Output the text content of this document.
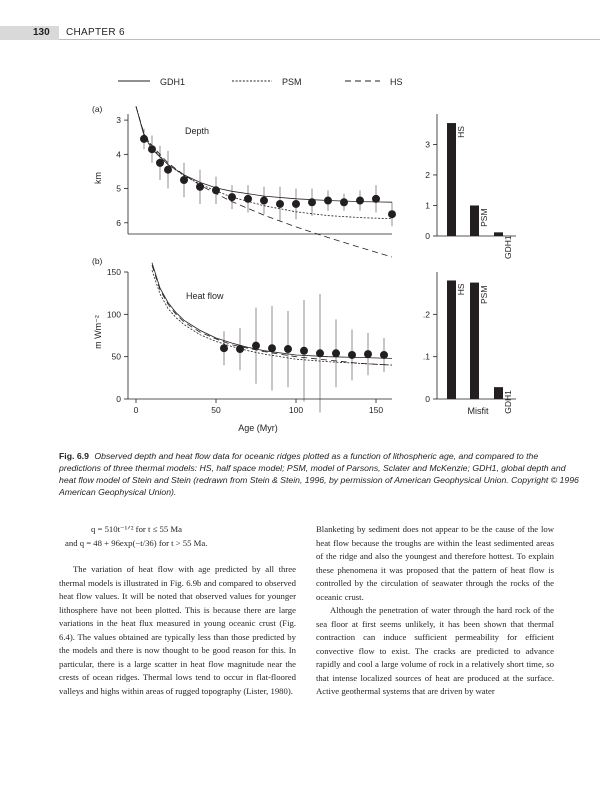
130 CHAPTER 6
GDH1	PSM	HS
(a)
(b)
Depth
km
3
4
5
6
Heat flow
m Wm⁻²
Age (Myr)
0
50
100
150
0	50	100	150
0
1
2
3
HS
PSM
GDH1
Misfit
0
.1
.2
HS PSM
GDH1
Fig. 6.9 Observed depth and heat flow data for oceanic ridges plotted as a function of lithospheric age, and compared to the predictions of three thermal models: HS, half space model; PSM, model of Parsons, Sclater and McKenzie; GDH1, global depth and heat flow model of Stein and Stein (redrawn from Stein & Stein, 1996, by permission of American Geophysical Union. Copyright © 1996 American Geophysical Union).
q = 510t⁻¹ᐟ² for t ≤ 55 Ma
and q = 48 + 96exp(−t/36) for t > 55 Ma.
The variation of heat flow with age predicted by all three thermal models is illustrated in Fig. 6.9b and compared to observed heat flow values. It will be noted that observed values for younger lithosphere have not been plotted. This is because there are large variations in the heat flux measured in young oceanic crust (Fig. 6.4). The values obtained are typically less than those predicted by the models and there is now thought to be good reason for this. In particular, there is a large scatter in heat flow magnitude near the crests of ocean ridges. Thermal lows tend to occur in flat-floored valleys and highs within areas of rugged topography (Lister, 1980).
Blanketing by sediment does not appear to be the cause of the low heat flow because the troughs are within the least sedimented areas of the ridge and also the youngest and therefore hottest. To explain these phenomena it was proposed that the pattern of heat flow is controlled by the circulation of seawater through the rocks of the oceanic crust.
Although the penetration of water through the hard rock of the sea floor at first seems unlikely, it has been shown that thermal contraction can induce sufficient permeability for efficient convective flow to exist. The cracks are predicted to advance rapidly and cool a large volume of rock in a relatively short time, so that intense localized sources of heat are produced at the surface. Active geothermal systems that are driven by water
